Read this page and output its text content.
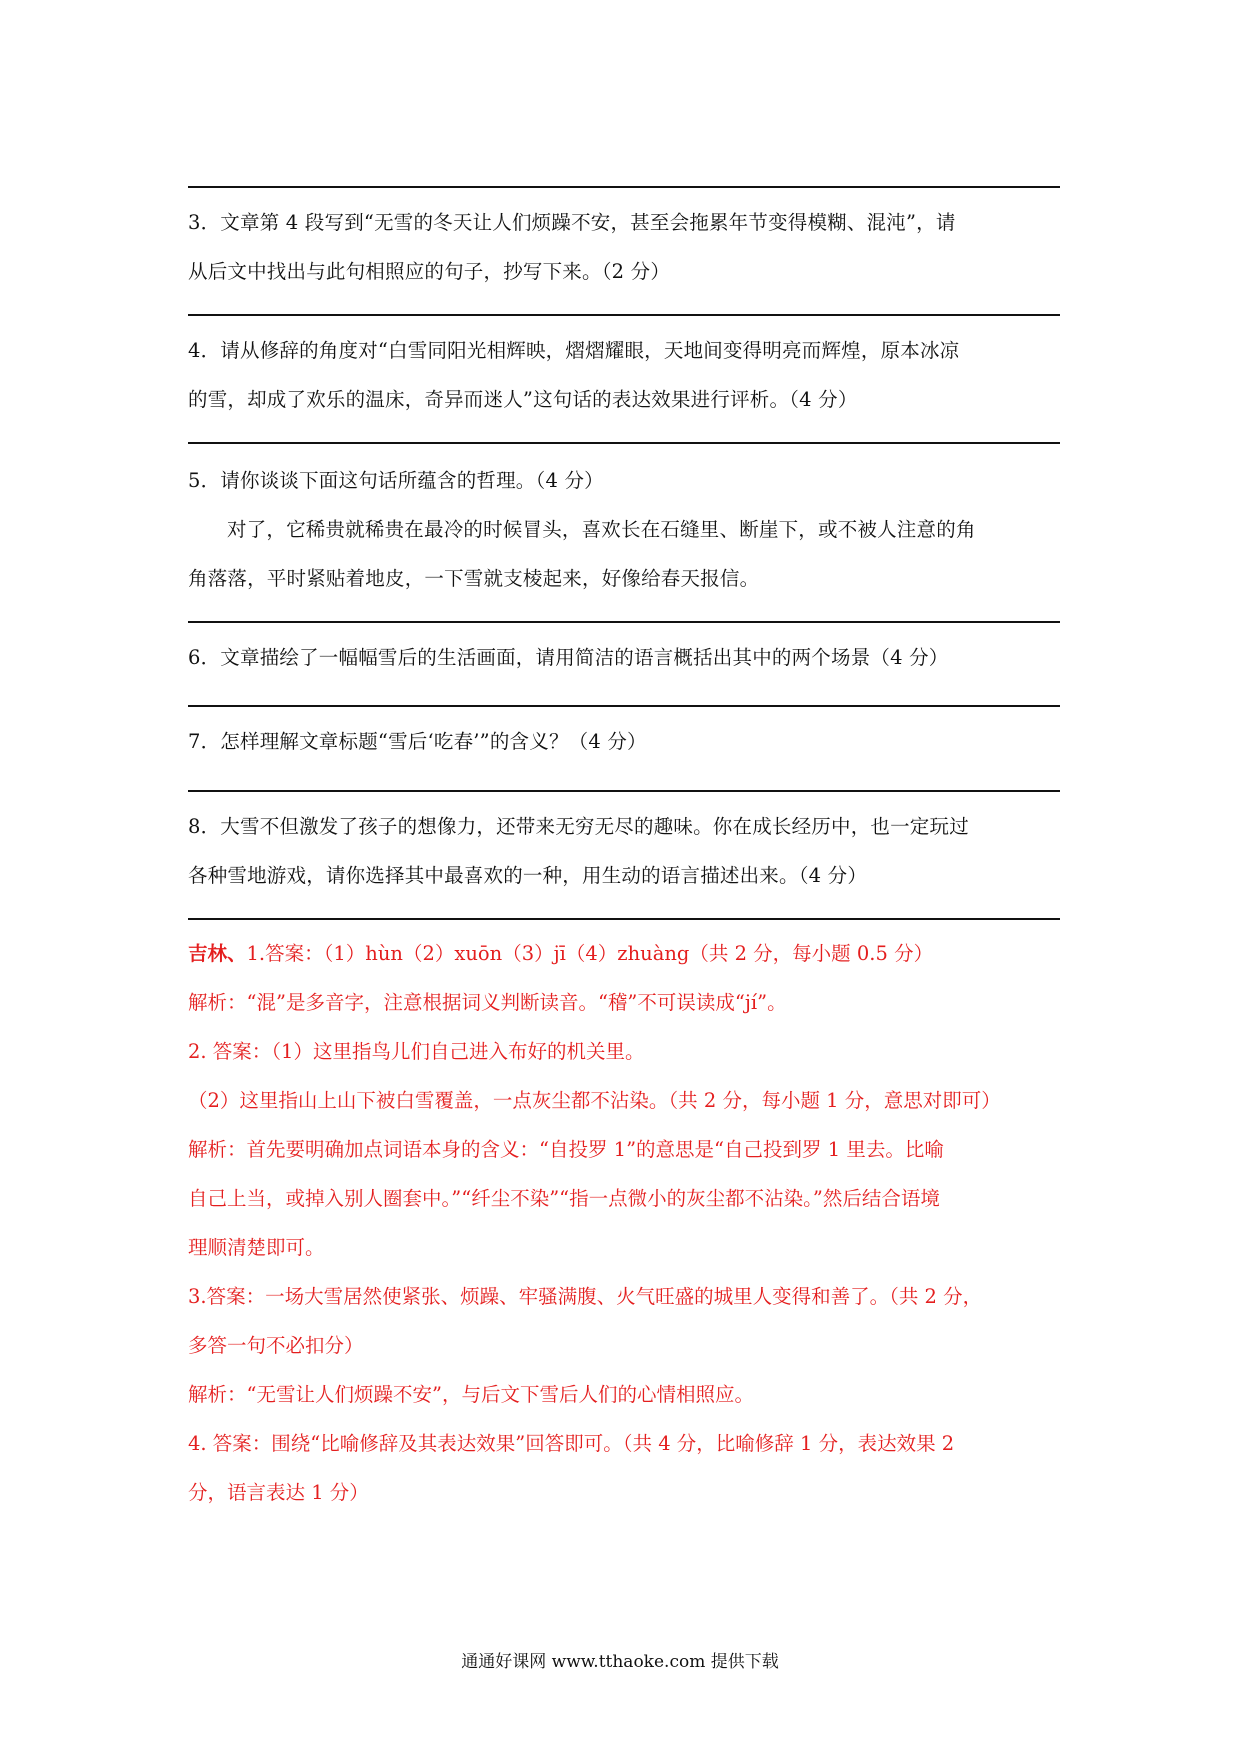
3．文章第 4 段写到“无雪的冬天让人们烦躁不安，甚至会拖累年节变得模糊、混沌”，请

从后文中找出与此句相照应的句子，抄写下来。（2 分）

4．请从修辞的角度对“白雪同阳光相辉映，熠熠耀眼，天地间变得明亮而辉煌，原本冰凉

的雪，却成了欢乐的温床，奇异而迷人”这句话的表达效果进行评析。（4 分）

5．请你谈谈下面这句话所蕴含的哲理。（4 分）

对了，它稀贵就稀贵在最冷的时候冒头，喜欢长在石缝里、断崖下，或不被人注意的角

角落落，平时紧贴着地皮，一下雪就支棱起来，好像给春天报信。

6．文章描绘了一幅幅雪后的生活画面，请用简洁的语言概括出其中的两个场景（4 分）

7．怎样理解文章标题“雪后‘吃春’”的含义？（4 分）

8．大雪不但激发了孩子的想像力，还带来无穷无尽的趣味。你在成长经历中，也一定玩过

各种雪地游戏，请你选择其中最喜欢的一种，用生动的语言描述出来。（4 分）

吉林、1.答案：（1）hùn（2）xuōn（3）jī（4）zhuàng（共 2 分，每小题 0.5 分）

解析：“混”是多音字，注意根据词义判断读音。“稽”不可误读成“jí”。

2. 答案：（1）这里指鸟儿们自己进入布好的机关里。

（2）这里指山上山下被白雪覆盖，一点灰尘都不沾染。（共 2 分，每小题 1 分，意思对即可）

解析：首先要明确加点词语本身的含义：“自投罗 1”的意思是“自己投到罗 1 里去。比喻

自己上当，或掉入别人圈套中。”“纤尘不染”“指一点微小的灰尘都不沾染。”然后结合语境

理顺清楚即可。

3.答案：一场大雪居然使紧张、烦躁、牢骚满腹、火气旺盛的城里人变得和善了。（共 2 分，

多答一句不必扣分）

解析：“无雪让人们烦躁不安”，与后文下雪后人们的心情相照应。

4. 答案：围绕“比喻修辞及其表达效果”回答即可。（共 4 分，比喻修辞 1 分，表达效果 2

分，语言表达 1 分）

通通好课网 www.tthaoke.com 提供下载
